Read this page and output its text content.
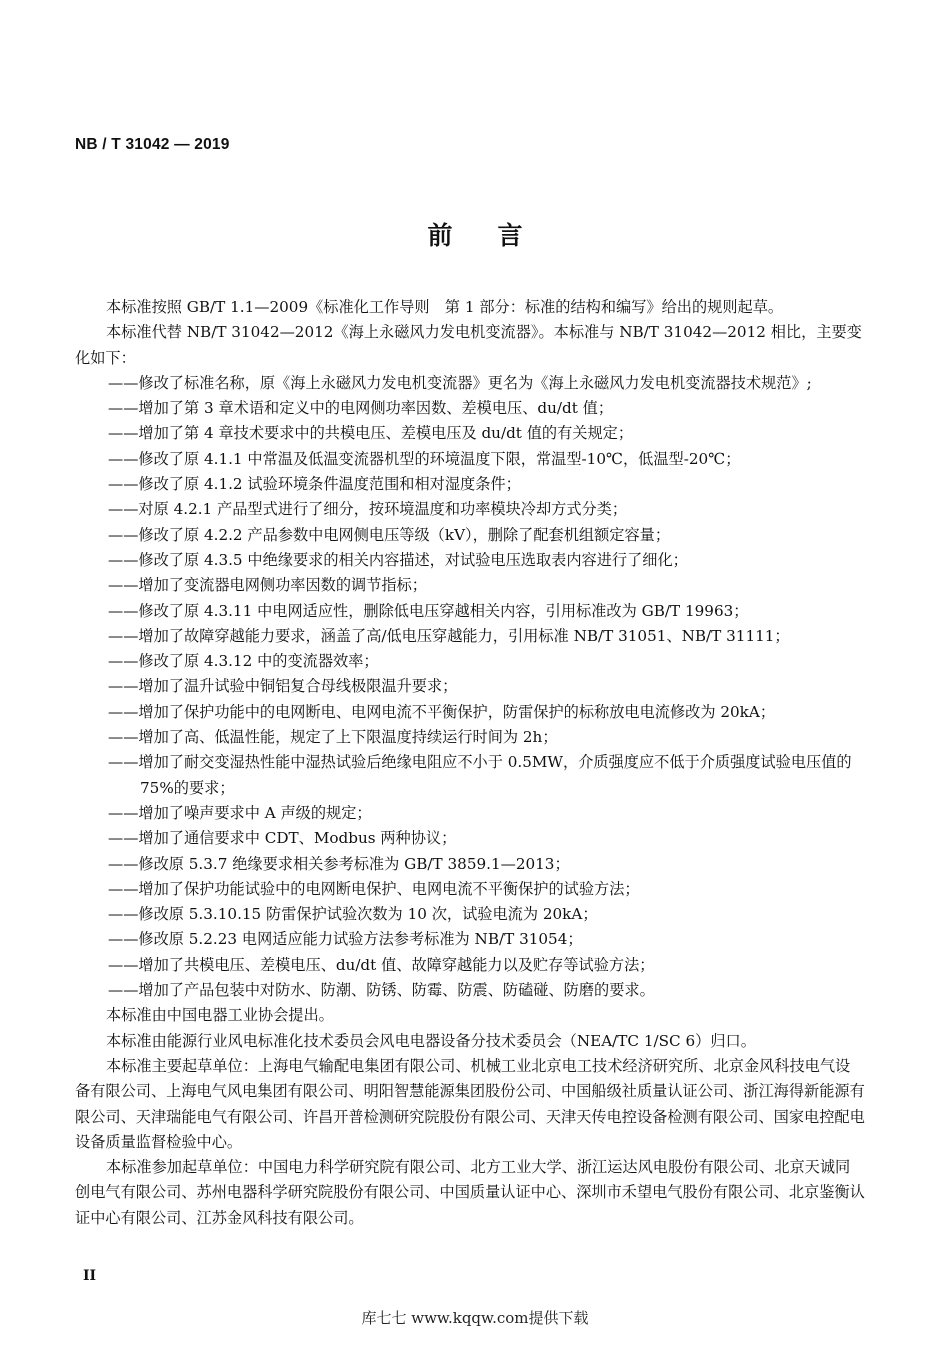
NB / T 31042 — 2019
前 言

本标准按照 GB/T 1.1—2009《标准化工作导则　第 1 部分：标准的结构和编写》给出的规则起草。

本标准代替 NB/T 31042—2012《海上永磁风力发电机变流器》。本标准与 NB/T 31042—2012 相比，主要变化如下：

——修改了标准名称，原《海上永磁风力发电机变流器》更名为《海上永磁风力发电机变流器技术规范》;
——增加了第 3 章术语和定义中的电网侧功率因数、差模电压、du/dt 值；
——增加了第 4 章技术要求中的共模电压、差模电压及 du/dt 值的有关规定；
——修改了原 4.1.1 中常温及低温变流器机型的环境温度下限，常温型-10℃，低温型-20℃；
——修改了原 4.1.2 试验环境条件温度范围和相对湿度条件；
——对原 4.2.1 产品型式进行了细分，按环境温度和功率模块冷却方式分类；
——修改了原 4.2.2 产品参数中电网侧电压等级（kV），删除了配套机组额定容量；
——修改了原 4.3.5 中绝缘要求的相关内容描述，对试验电压选取表内容进行了细化；
——增加了变流器电网侧功率因数的调节指标；
——修改了原 4.3.11 中电网适应性，删除低电压穿越相关内容，引用标准改为 GB/T 19963；
——增加了故障穿越能力要求，涵盖了高/低电压穿越能力，引用标准 NB/T 31051、NB/T 31111；
——修改了原 4.3.12 中的变流器效率；
——增加了温升试验中铜铝复合母线极限温升要求；
——增加了保护功能中的电网断电、电网电流不平衡保护，防雷保护的标称放电电流修改为 20kA；
——增加了高、低温性能，规定了上下限温度持续运行时间为 2h；
——增加了耐交变湿热性能中湿热试验后绝缘电阻应不小于 0.5MW，介质强度应不低于介质强度试验电压值的 75%的要求；
——增加了噪声要求中 A 声级的规定；
——增加了通信要求中 CDT、Modbus 两种协议；
——修改原 5.3.7 绝缘要求相关参考标准为 GB/T 3859.1—2013；
——增加了保护功能试验中的电网断电保护、电网电流不平衡保护的试验方法；
——修改原 5.3.10.15 防雷保护试验次数为 10 次，试验电流为 20kA；
——修改原 5.2.23 电网适应能力试验方法参考标准为 NB/T 31054；
——增加了共模电压、差模电压、du/dt 值、故障穿越能力以及贮存等试验方法；
——增加了产品包装中对防水、防潮、防锈、防霉、防震、防磕碰、防磨的要求。

本标准由中国电器工业协会提出。

本标准由能源行业风电标准化技术委员会风电电器设备分技术委员会（NEA/TC 1/SC 6）归口。

本标准主要起草单位：上海电气输配电集团有限公司、机械工业北京电工技术经济研究所、北京金风科技电气设备有限公司、上海电气风电集团有限公司、明阳智慧能源集团股份公司、中国船级社质量认证公司、浙江海得新能源有限公司、天津瑞能电气有限公司、许昌开普检测研究院股份有限公司、天津天传电控设备检测有限公司、国家电控配电设备质量监督检验中心。

本标准参加起草单位：中国电力科学研究院有限公司、北方工业大学、浙江运达风电股份有限公司、北京天诚同创电气有限公司、苏州电器科学研究院股份有限公司、中国质量认证中心、深圳市禾望电气股份有限公司、北京鉴衡认证中心有限公司、江苏金风科技有限公司。

II
库七七 www.kqqw.com提供下载
